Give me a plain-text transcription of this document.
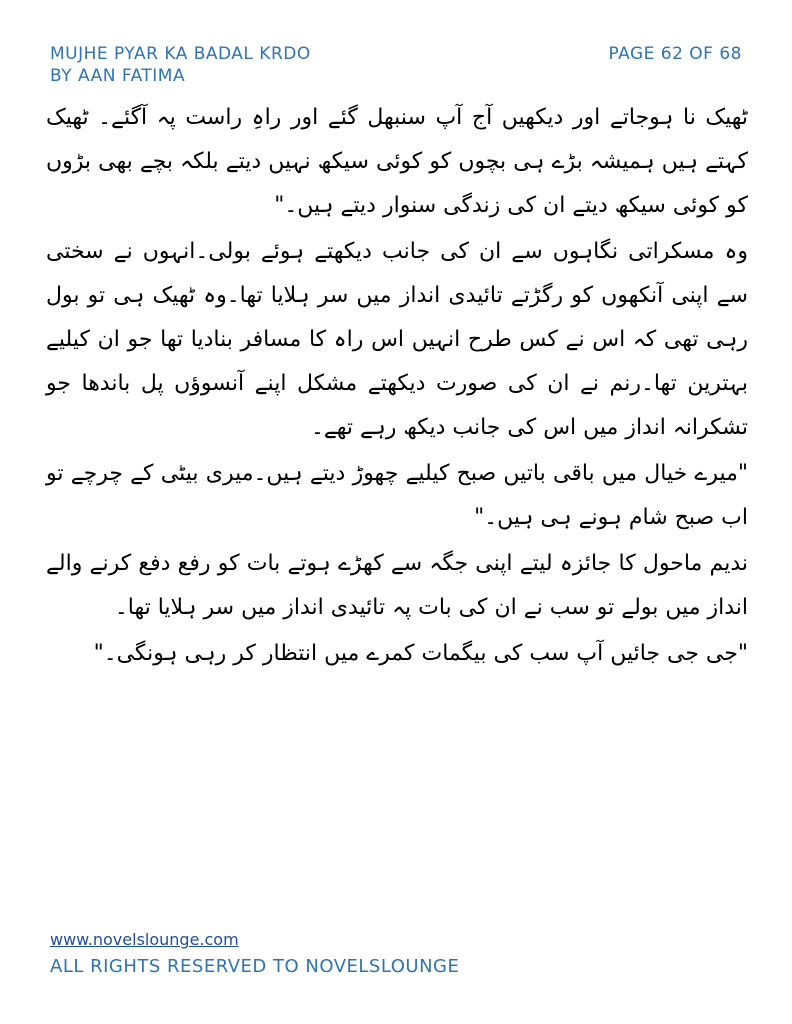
MUJHE PYAR KA BADAL KRDO
BY AAN FATIMA
PAGE 62 OF 68

ٹھیک نا ہوجاتے اور دیکھیں آج آپ سنبھل گئے اور راہِ راست پہ آگئے۔ ٹھیک کہتے ہیں ہمیشہ بڑے ہی بچوں کو کوئی سیکھ نہیں دیتے بلکہ بچے بھی بڑوں کو کوئی سیکھ دیتے ان کی زندگی سنوار دیتے ہیں۔"

وہ مسکراتی نگاہوں سے ان کی جانب دیکھتے ہوئے بولی۔انہوں نے سختی سے اپنی آنکھوں کو رگڑتے تائیدی انداز میں سر ہلایا تھا۔وہ ٹھیک ہی تو بول رہی تھی کہ اس نے کس طرح انہیں اس راہ کا مسافر بنادیا تھا جو ان کیلیے بہترین تھا۔رنم نے ان کی صورت دیکھتے مشکل اپنے آنسوؤں پل باندھا جو تشکرانہ انداز میں اس کی جانب دیکھ رہے تھے۔

"میرے خیال میں باقی باتیں صبح کیلیے چھوڑ دیتے ہیں۔میری بیٹی کے چرچے تو اب صبح شام ہونے ہی ہیں۔"

ندیم ماحول کا جائزہ لیتے اپنی جگہ سے کھڑے ہوتے بات کو رفع دفع کرنے والے انداز میں بولے تو سب نے ان کی بات پہ تائیدی انداز میں سر ہلایا تھا۔

"جی جی جائیں آپ سب کی بیگمات کمرے میں انتظار کر رہی ہونگی۔"

www.novelslounge.com
ALL RIGHTS RESERVED TO NOVELSLOUNGE
